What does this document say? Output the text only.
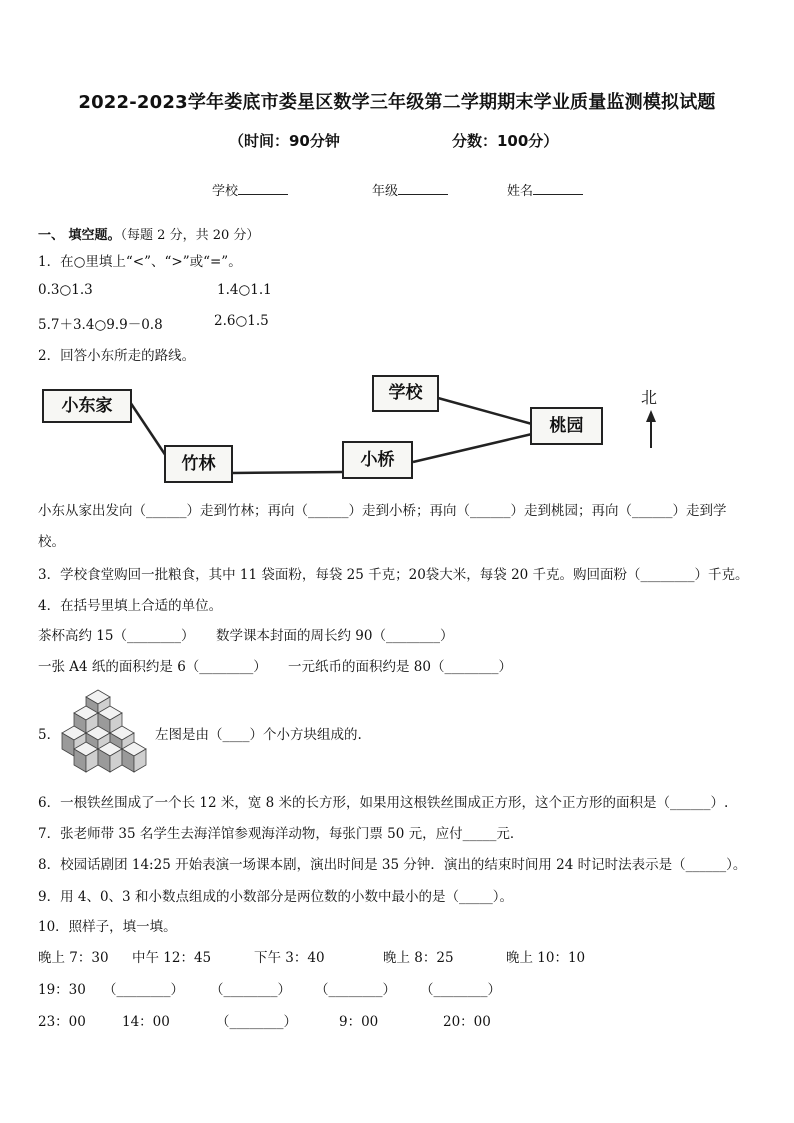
2022-2023学年娄底市娄星区数学三年级第二学期期末学业质量监测模拟试题
（时间：90分钟	分数：100分）
学校	年级	姓名
一、 填空题。（每题 2 分，共 20 分）
1．在○里填上“<”、“>”或“=”。
0.3○1.3	1.4○1.1
5.7＋3.4○9.9－0.8	2.6○1.5
2．回答小东所走的路线。
小东家
竹林	小桥
学校
桃园
北
小东从家出发向（______）走到竹林；再向（______）走到小桥；再向（______）走到桃园；再向（______）走到学
校。
3．学校食堂购回一批粮食，其中 11 袋面粉，每袋 25 千克；20袋大米，每袋 20 千克。购回面粉（________）千克。
4．在括号里填上合适的单位。
茶杯高约 15（________） 数学课本封面的周长约 90（________）
一张 A4 纸的面积约是 6（________） 一元纸币的面积约是 80（________）
5．	左图是由（____）个小方块组成的.
6．一根铁丝围成了一个长 12 米，宽 8 米的长方形，如果用这根铁丝围成正方形，这个正方形的面积是（______）.
7．张老师带 35 名学生去海洋馆参观海洋动物，每张门票 50 元，应付_____元．
8．校园话剧团 14:25 开始表演一场课本剧，演出时间是 35 分钟．演出的结束时间用 24 时记时法表示是（______）。
9．用 4、0、3 和小数点组成的小数部分是两位数的小数中最小的是（_____）。
10．照样子，填一填。
晚上 7：30 中午 12：45	下午 3：40	晚上 8：25	晚上 10：10
19：30 （________） （________） （________） （________）
23：00	14：00	（________）	9：00	20：00
